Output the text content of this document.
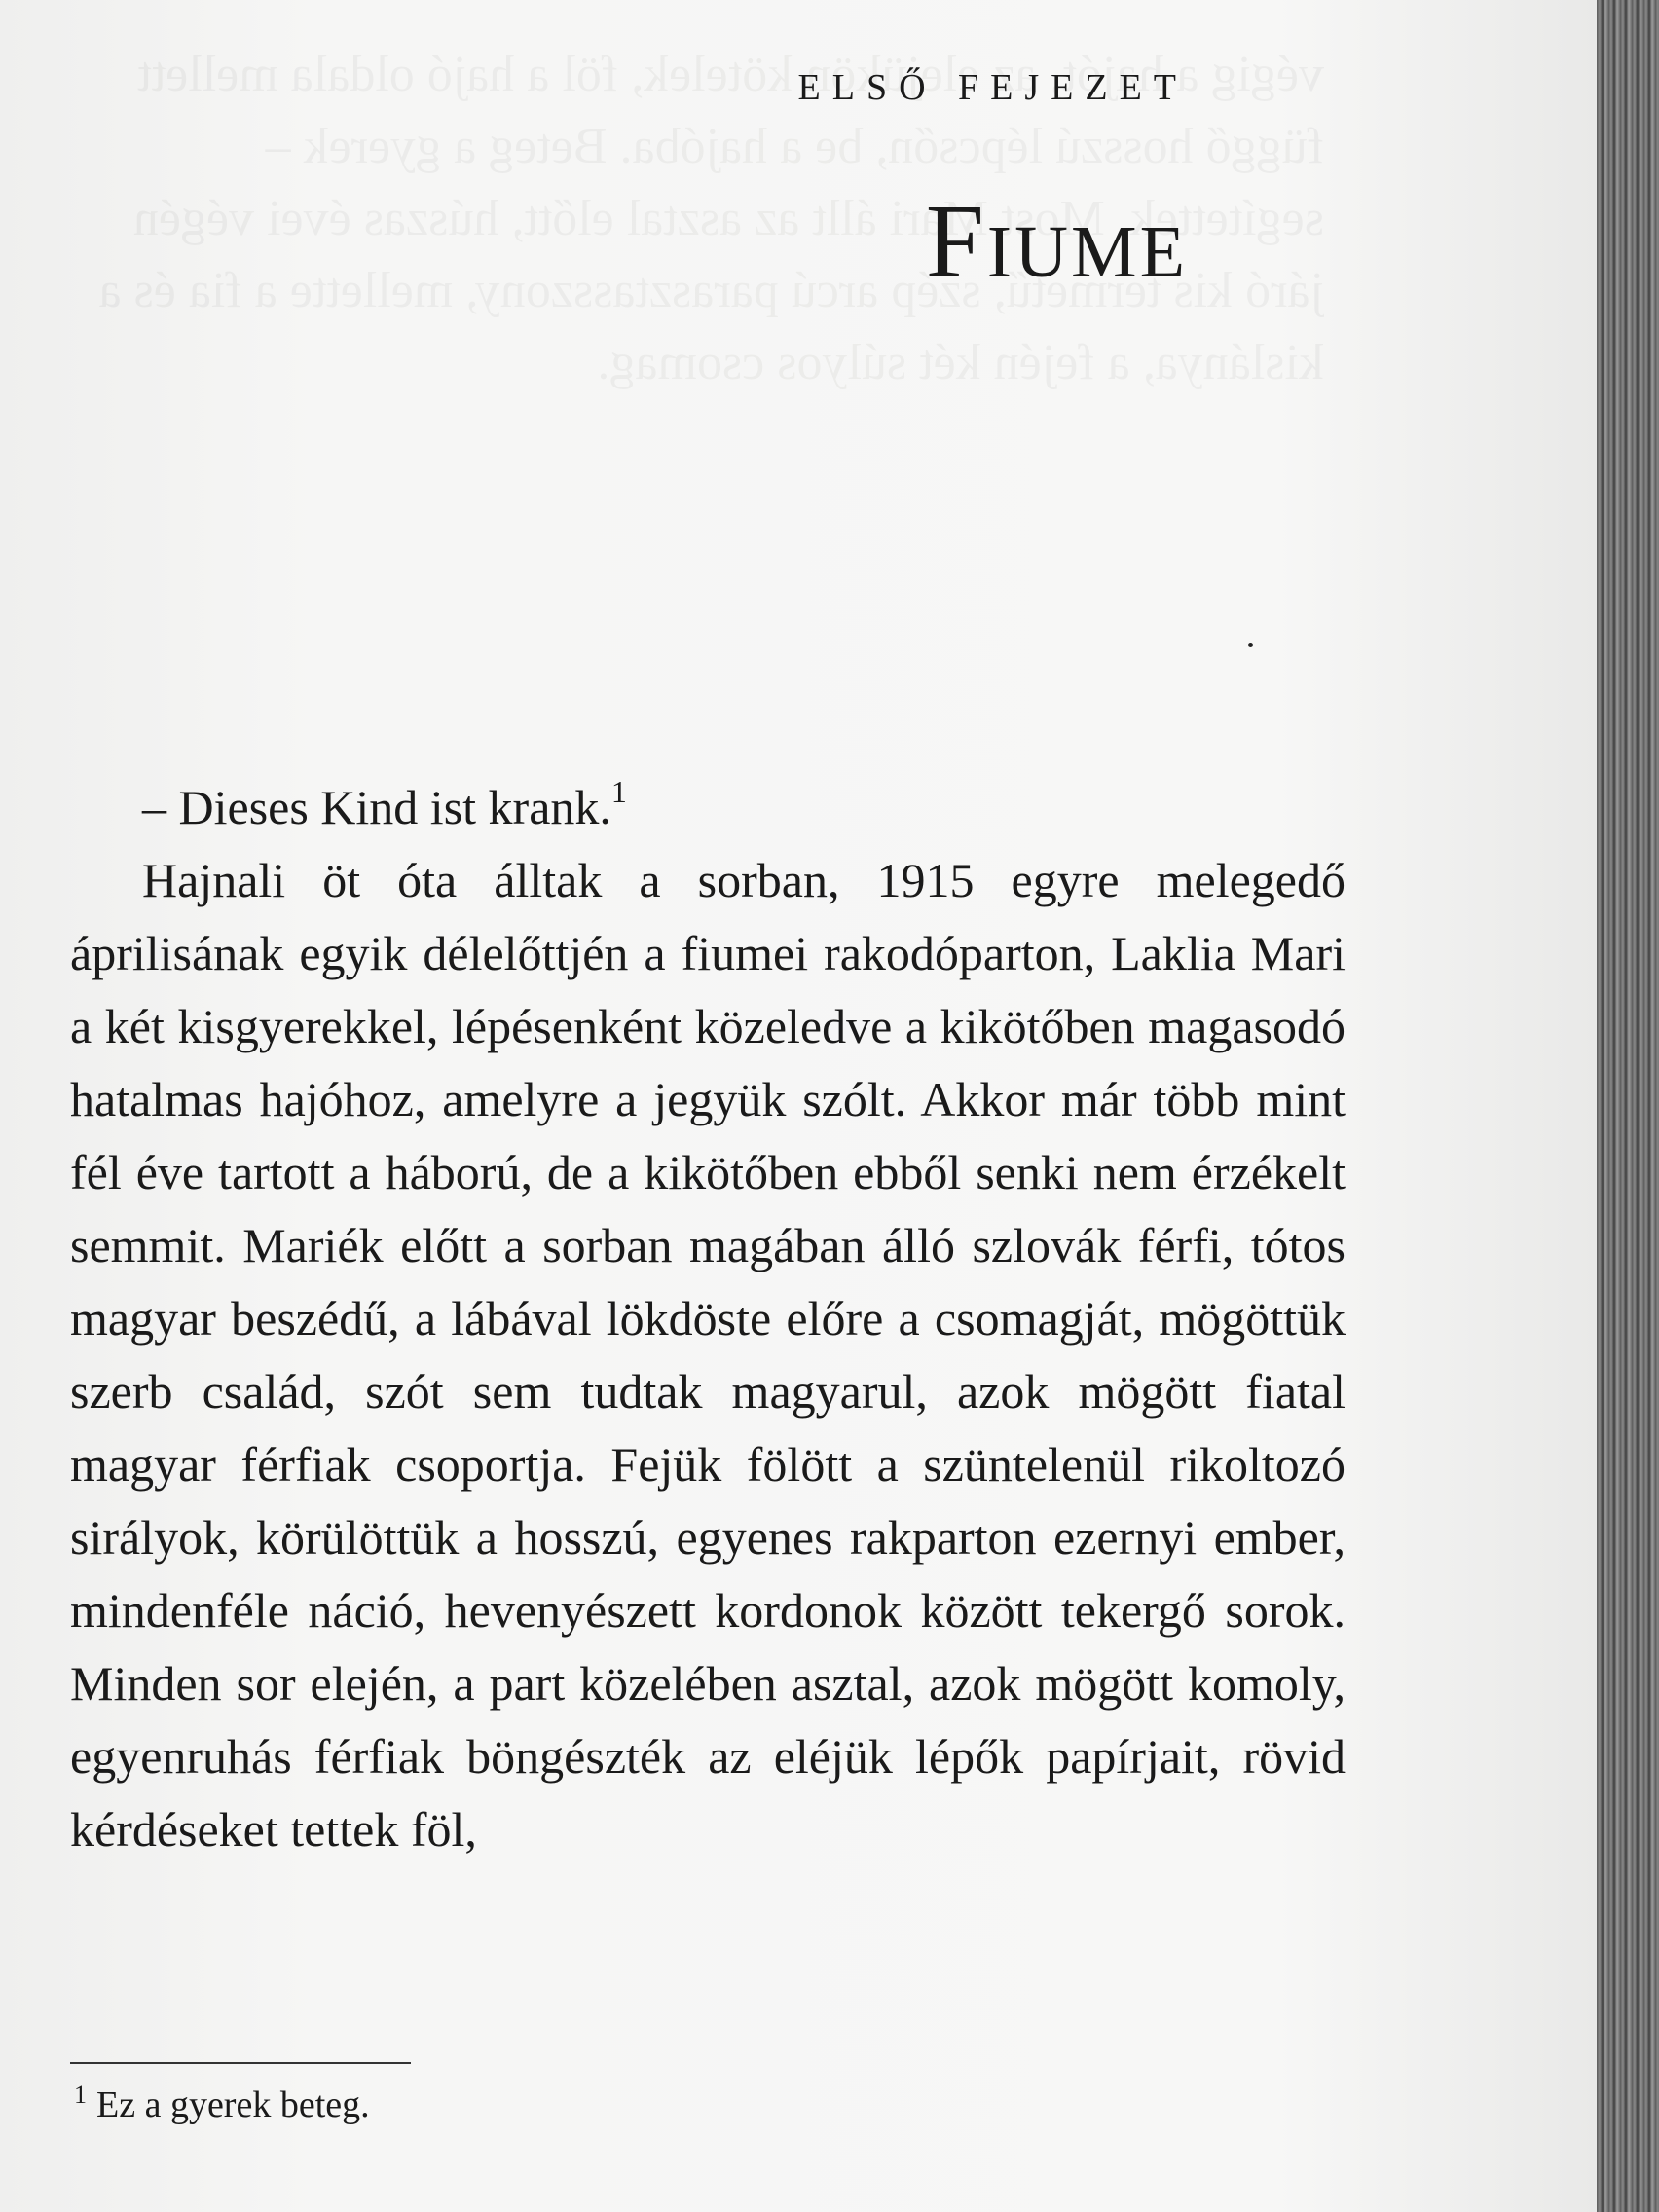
ELSŐ FEJEZET
Fiume

– Dieses Kind ist krank.$^1$

Hajnali öt óta álltak a sorban, 1915 egyre melegedő áprilisának egyik délelőttjén a fiumei rakodóparton, Laklia Mari a két kisgyerekkel, lépésenként közeledve a kikötőben magasodó hatalmas hajóhoz, amelyre a jegyük szólt. Akkor már több mint fél éve tartott a háború, de a kikötőben ebből senki nem érzékelt semmit. Mariék előtt a sorban magában álló szlovák férfi, tótos magyar beszédű, a lábával lökdöste előre a csomagját, mögöttük szerb család, szót sem tudtak magyarul, azok mögött fiatal magyar férfiak csoportja. Fejük fölött a szüntelenül rikoltozó sirályok, körülöttük a hosszú, egyenes rakparton ezernyi ember, mindenféle náció, hevenyészett kordonok között tekergő sorok. Minden sor elején, a part közelében asztal, azok mögött komoly, egyenruhás férfiak böngészték az eléjük lépők papírjait, rövid kérdéseket tettek föl,

$^1$ Ez a gyerek beteg.
